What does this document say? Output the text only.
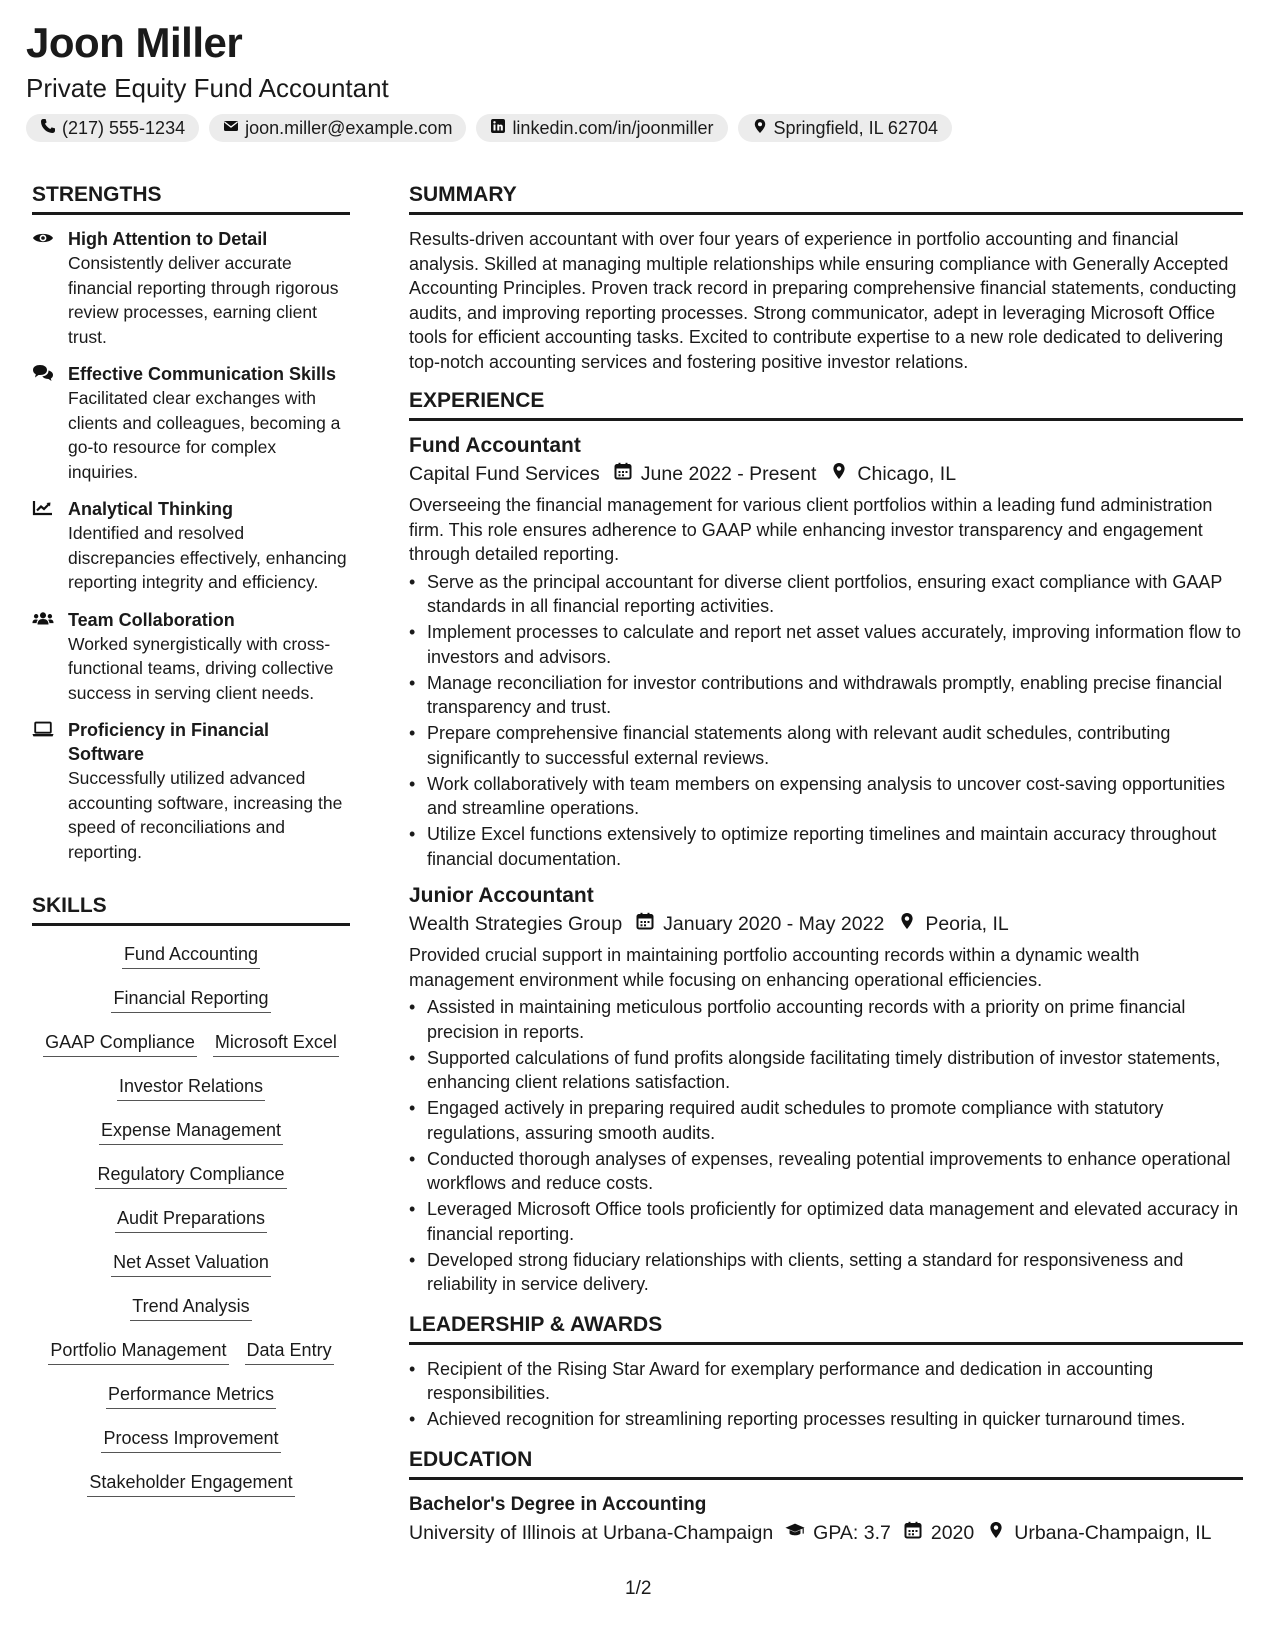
Joon Miller
Private Equity Fund Accountant
(217) 555-1234	joon.miller@example.com	linkedin.com/in/joonmiller	Springfield, IL 62704
STRENGTHS
High Attention to Detail
Consistently deliver accurate financial reporting through rigorous review processes, earning client trust.
Effective Communication Skills
Facilitated clear exchanges with clients and colleagues, becoming a go-to resource for complex inquiries.
Analytical Thinking
Identified and resolved discrepancies effectively, enhancing reporting integrity and efficiency.
Team Collaboration
Worked synergistically with cross-functional teams, driving collective success in serving client needs.
Proficiency in Financial Software
Successfully utilized advanced accounting software, increasing the speed of reconciliations and reporting.
SKILLS
Fund Accounting
Financial Reporting
GAAP Compliance Microsoft Excel
Investor Relations
Expense Management
Regulatory Compliance
Audit Preparations
Net Asset Valuation
Trend Analysis
Portfolio Management Data Entry
Performance Metrics
Process Improvement
Stakeholder Engagement
SUMMARY

Results-driven accountant with over four years of experience in portfolio accounting and financial analysis. Skilled at managing multiple relationships while ensuring compliance with Generally Accepted Accounting Principles. Proven track record in preparing comprehensive financial statements, conducting audits, and improving reporting processes. Strong communicator, adept in leveraging Microsoft Office tools for efficient accounting tasks. Excited to contribute expertise to a new role dedicated to delivering top-notch accounting services and fostering positive investor relations.

EXPERIENCE
Fund Accountant
Capital Fund Services June 2022 - Present Chicago, IL
Overseeing the financial management for various client portfolios within a leading fund administration firm. This role ensures adherence to GAAP while enhancing investor transparency and engagement through detailed reporting.
• Serve as the principal accountant for diverse client portfolios, ensuring exact compliance with GAAP standards in all financial reporting activities.
• Implement processes to calculate and report net asset values accurately, improving information flow to investors and advisors.
• Manage reconciliation for investor contributions and withdrawals promptly, enabling precise financial transparency and trust.
• Prepare comprehensive financial statements along with relevant audit schedules, contributing significantly to successful external reviews.
• Work collaboratively with team members on expensing analysis to uncover cost-saving opportunities and streamline operations.
• Utilize Excel functions extensively to optimize reporting timelines and maintain accuracy throughout financial documentation.
Junior Accountant
Wealth Strategies Group January 2020 - May 2022 Peoria, IL
Provided crucial support in maintaining portfolio accounting records within a dynamic wealth management environment while focusing on enhancing operational efficiencies.
• Assisted in maintaining meticulous portfolio accounting records with a priority on prime financial precision in reports.
• Supported calculations of fund profits alongside facilitating timely distribution of investor statements, enhancing client relations satisfaction.
• Engaged actively in preparing required audit schedules to promote compliance with statutory regulations, assuring smooth audits.
• Conducted thorough analyses of expenses, revealing potential improvements to enhance operational workflows and reduce costs.
• Leveraged Microsoft Office tools proficiently for optimized data management and elevated accuracy in financial reporting.
• Developed strong fiduciary relationships with clients, setting a standard for responsiveness and reliability in service delivery.
LEADERSHIP & AWARDS
• Recipient of the Rising Star Award for exemplary performance and dedication in accounting responsibilities.
• Achieved recognition for streamlining reporting processes resulting in quicker turnaround times.
EDUCATION
Bachelor's Degree in Accounting
University of Illinois at Urbana-Champaign GPA: 3.7 2020 Urbana-Champaign, IL
1/2
